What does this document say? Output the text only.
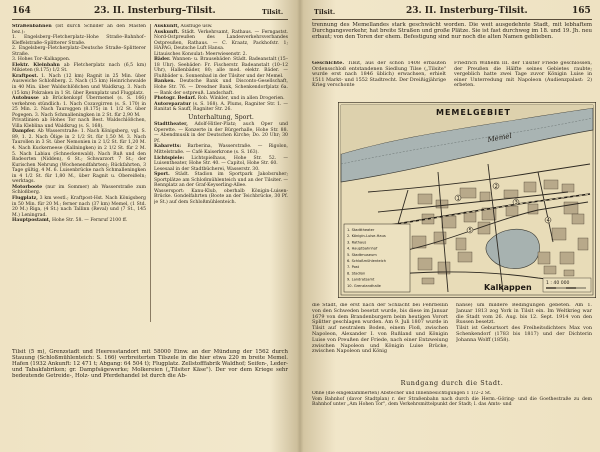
164	23. II. Insterburg–Tilsit.	Tilsit.

Straßenbahnen (Ist durch Schilder an den Masten bez.):

1. Engelsberg–Fletcherplatz–Hohe Straße–Bahnhof–Kleffelstraße–Splitterer Straße.

2. Engelsberg–Fletcherplatz–Deutsche Straße–Splitterer Straße.

3. Hohes Tor–Kalkappen.

Elektr. Kleinbahn ab Fletcherplatz nach (6,5 km) Mikieten (8.175) 1/2 St.

Kraftpost. 1. Nach (12 km) Ragnit in 25 Min. über Ausweiche Schloßberg. 2. Nach (15 km) Heinrichswalde in 40 Min. über Waldschlößchen und Waldkrug. 3. Nach (15 km) Pokraken in 1 St. über Rennplatz und Flugplatz.

Autobusse ab Brückenkopf Übermemel (s. S. 166) verkehren stündlich: 1. Nach Cozavgirren (s. S. 170) in 25 Min. 2. Nach Tauroggen (8.175) in 1 1/2 St. über Pogegen. 3. Nach Schmalleningken in 2 St. für 2,90 M.

Privatlinien ab Hohes Tor nach Best. Waldschlößchen, Villa Kleblina und Waldkrug (s. S. 168).

Dampfer. Ab Wasserstraße: 1. Nach Königsberg, vgl. S. 89, 1. 2. Nach Ölige in 2 1/2 St. für 1,50 M. 3. Nach Taurollen in 3 St. über Nemonien in 2 1/2 St. für 1,20 M. 4. Nach Kuckerneese (Kallningken) in 2 1/2 St. für 2 M. 5. Nach Labiau (Schneckenwald). Nach Ruß und den Badeorten (Nidden), 6 St.; Schwarzort 7 St.; der Kurischen Nehrung (Wochenendfahrten); Rückfahrten, 3 Tage gültig, 4 M. 6. Luisenbrücke nach Schmalleningken in 4 1/2 St. für 1,80 M., über Ragnit u. Obereißeln; werktags.

Motorboote (nur im Sommer) ab Wasserstraße zum Schloßberg.

Flugplatz, 3 km westl.; Kraftpost-Hst. Nach Königsberg in 50 Min. für 20 M.; ferner nach (37 km) Memel, (1 Std. 20 M.) Riga, (4 St.) nach Tallinn (Reval) und (7 St., 145 M.) Leningrad.

Hauptpostamt, Hohe Str. 58. — Fernruf 2100 ff.

Auskunft, Ausflüge usw.

Auskunft. Städt. Verkehrsamt, Rathaus. — Ferngastst. Nord-Ostpreußen des Landesverkehrsverbandes Ostpreußen, Rathaus. — C. Kraatz, Packhofstr. 1; HAPAG, Deutsche Luft Hansa.

Litauisches Konsulat: Meerwiesenstr. 2.

Bäder. Wannen- u. Brausebäder: Städt. Badeanstalt (15–18 Uhr). Seebäder: Fr. Fischerstr. Badeanstalt (10–12 Uhr), Hallenbäder, 80; alle mod. elektr. Bäder. — Flußbäder u. Sonnenbad in der Tilsiter und der Memel.

Banken. Deutsche Bank und Disconto-Gesellschaft, Hohe Str. 76. — Dresdner Bank, Schenkendorfplatz 6a. — Bank der ostpreuß. Landschaft.

Photogr. Bedarf. Rob. Winkler, und in allen Drogerien.

Autoreparatur (s. S. 168). A. Plums, Ragniter Str. 1. — Ranitat & Sauff, Ragniter Str. 26.

Unterhaltung, Sport.

Stadttheater, Adolf-Hitler-Platz; auch Oper und Operette. — Konzerte in der Bürgerhalle, Hohe Str. 88. — Abendmusik in der Deutschen Kirche; Do. 20 Uhr; 30 Pf.

Kabaretts: Barberina, Wasserstraße. — Rigolon, Mittelstraße. — Café Kaiserkrone (s. S. 163).

Lichtspiele: Lichtspielhaus, Hohe Str. 52. — Luisentheater, Hohe Str. 40. — Capitol, Hohe Str. 60.

Lesesaal in der Stadtbücherei, Wasserstr. 30.

Sport. Städt. Stadion im Sportpark Jakobsruher; Sportplätze am Schloßmühlenteich und an der Tilsiter. — Rennplatz an der Graf-Keyserling-Allee.

Wassersport: Kanu-Klub, oberhalb Königin-Luisen-Brücke. Gondelfahrten (Boote an der Teichbrücke, 30 Pf. je St.) auf dem Schloßmühlenteich.

Tilsit (5 m), Grenzstadt und Heeresstandort mit 58000 Einw. an der Mündung der 1562 durch Stauung (Schloßmühlenteich: S. 166) verbreiterten Tilszele in die hier etwa 220 m breite Memel. Hafen (1932 Ankunft: 12 471 t; Abgang: 64 504 t); Flugplatz. Zellstofffabrik Waldhof; Seifen-, Leder- und Tabakfabriken; gr. Dampfsägewerke; Molkereien („Tilsiter Käse"). Der vor dem Kriege sehr bedeutende Getreide-, Holz- und Pferdehandel ist durch die Ab-

Tilsit.	23. II. Insterburg–Tilsit.	165

trennung des Memellandes stark geschwächt worden. Die weit ausgedehnte Stadt, mit lebhaftem Durchgangsverkehr, hat breite Straßen und große Plätze. Sie ist fast durchweg im 18. und 19. Jh. neu erbaut; von den Toren der ehem. Befestigung sind nur noch die alten Namen geblieben.

Geschichte. Tilsit, aus der schon 1408 erbauten Ordensschloß entstandenen Siedlung Tilse („Tilsite" wurde erst nach 1846 üblich) erwachsen, erhielt 1511 Markt- und 1552 Stadtrecht. Der Dreißigjährige Krieg verschonte

Friedrich Wilhelm III. der Tilsiter Friede geschlossen, der Preußen die Hälfte seines Gebietes raubte; vergeblich hatte zwei Tage zuvor Königin Luise in einer Unterredung mit Napoleon (Audienzpalast: 2) erbeten.

1
2
3
4
5
MEMELGEBIET
Memel
1. Stadttheater
2. Königin-Luise-Haus
3. Rathaus
4. Hauptbahnhof
5. Stadtmuseum
6. Schloßmühlenteich
7. Post
8. Stadion
9. Landratsamt
10. Grenzlandhalle	Kalkappen	1 : 40 000

die Stadt, die erst nach der Schlacht bei Fehrbellin von den Schweden besetzt wurde, bis diese im Januar 1679 von dem Brandenburgern beim heutigen Vorort Splitter geschlagen wurden. Am 9. Juli 1807 wurde in Tilsit auf neutralem Boden, einem Floß, zwischen Napoleon, Alexander I. von Rußland und Königin Luise von Preußen der Friede, nach einer Entzweiung zwischen Napoleon und Königin Luise Brücke, zwischen Napoleon und König

hanse) um mildere Bedingungen gebeten. Am 1. Januar 1813 zog York in Tilsit ein. Im Weltkrieg war die Stadt vom 26. Aug. bis 12. Sept. 1914 von den Russen besetzt.

Tilsit ist Geburtsort des Freiheitsdichters Max von Schenkendorf (1783 bis 1817) und der Dichterin Johanna Wolff (1858).

Rundgang durch die Stadt.

Ohne (die eingeklammerten) Abstecher und Innenbesichtigungen 1 1/2–2 St.

Vom Bahnhof (davor Stadtplan) r. der Straßenbahn nach durch die Herm.-Göring- und die Goethestraße zu dem Bahnhof unter „Am Hohen Tor", dem Verkehrsmittelpunkt der Stadt; l. das Amts- und
